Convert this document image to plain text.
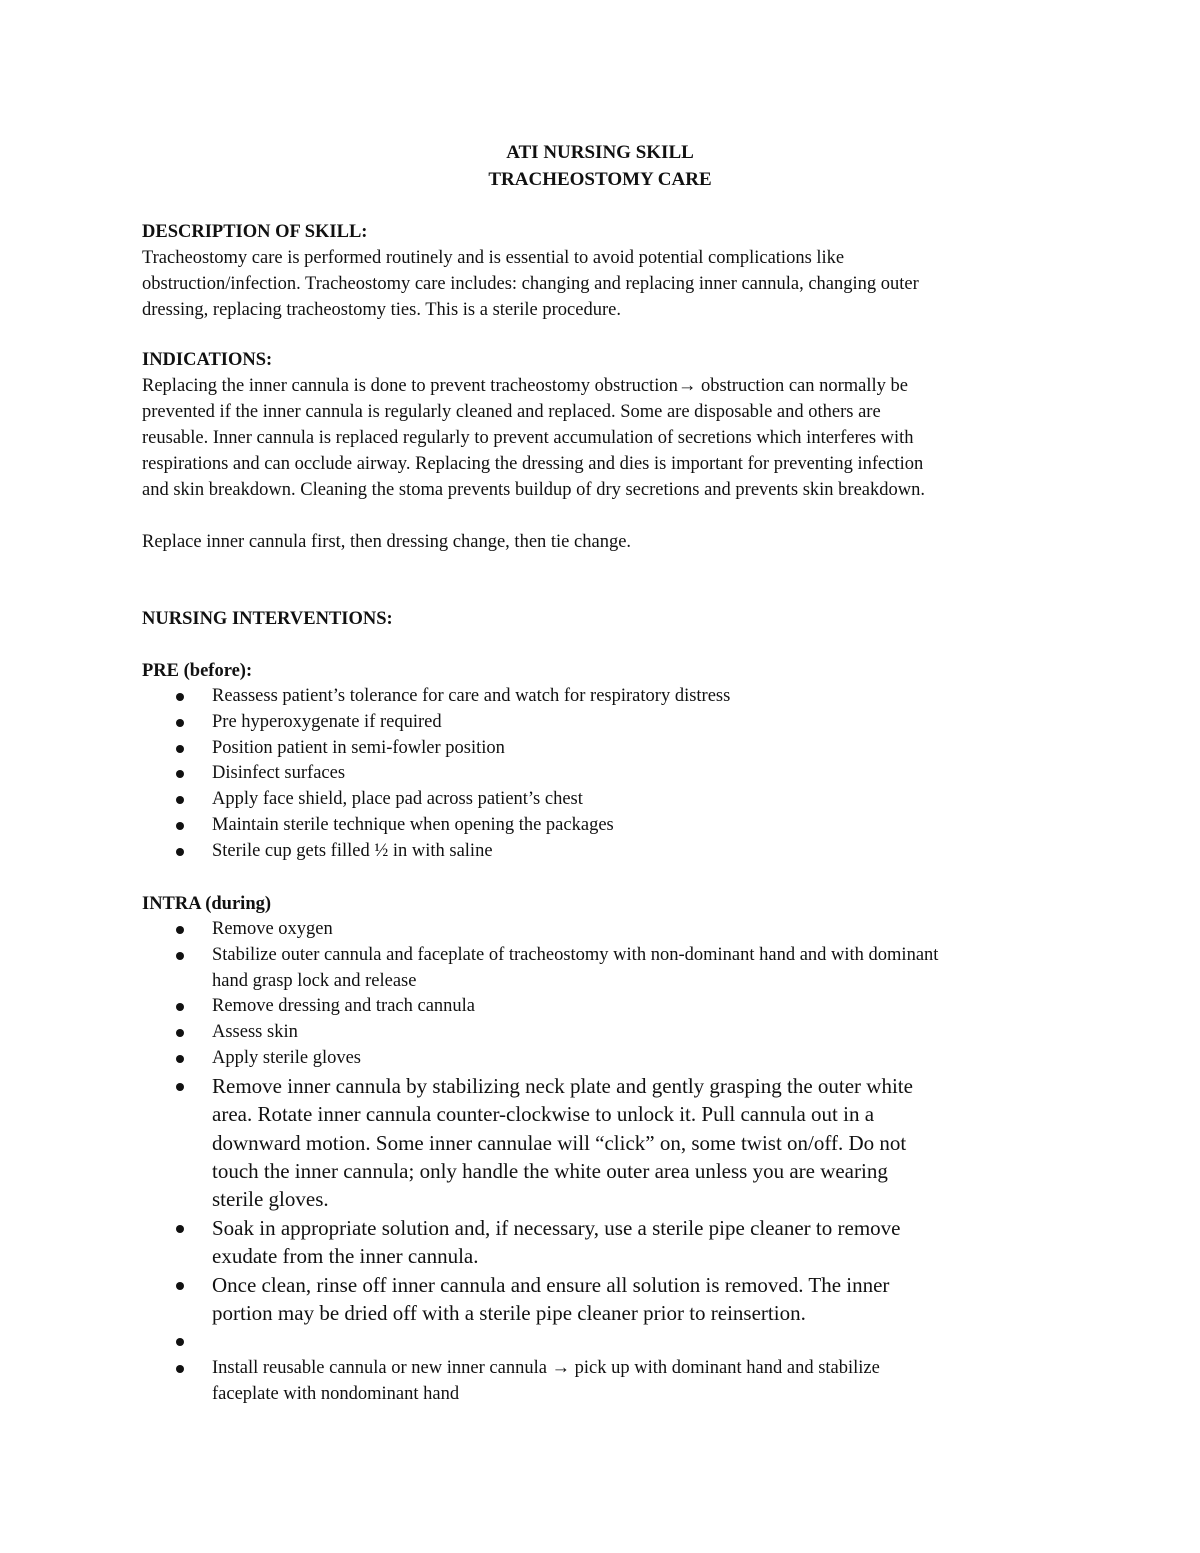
ATI NURSING SKILL
TRACHEOSTOMY CARE
DESCRIPTION OF SKILL:
Tracheostomy care is performed routinely and is essential to avoid potential complications like
obstruction/infection. Tracheostomy care includes: changing and replacing inner cannula, changing outer
dressing, replacing tracheostomy ties. This is a sterile procedure.
INDICATIONS:
Replacing the inner cannula is done to prevent tracheostomy obstruction→ obstruction can normally be
prevented if the inner cannula is regularly cleaned and replaced. Some are disposable and others are
reusable. Inner cannula is replaced regularly to prevent accumulation of secretions which interferes with
respirations and can occlude airway. Replacing the dressing and dies is important for preventing infection
and skin breakdown. Cleaning the stoma prevents buildup of dry secretions and prevents skin breakdown.
Replace inner cannula first, then dressing change, then tie change.
NURSING INTERVENTIONS:
PRE (before):
Reassess patient’s tolerance for care and watch for respiratory distress
Pre hyperoxygenate if required
Position patient in semi-fowler position
Disinfect surfaces
Apply face shield, place pad across patient’s chest
Maintain sterile technique when opening the packages
Sterile cup gets filled ½ in with saline
INTRA (during)
Remove oxygen
Stabilize outer cannula and faceplate of tracheostomy with non-dominant hand and with dominant
hand grasp lock and release
Remove dressing and trach cannula
Assess skin
Apply sterile gloves
Remove inner cannula by stabilizing neck plate and gently grasping the outer white
area. Rotate inner cannula counter-clockwise to unlock it. Pull cannula out in a
downward motion. Some inner cannulae will “click” on, some twist on/off. Do not
touch the inner cannula; only handle the white outer area unless you are wearing
sterile gloves.
Soak in appropriate solution and, if necessary, use a sterile pipe cleaner to remove
exudate from the inner cannula.
Once clean, rinse off inner cannula and ensure all solution is removed. The inner
portion may be dried off with a sterile pipe cleaner prior to reinsertion.

Install reusable cannula or new inner cannula → pick up with dominant hand and stabilize
faceplate with nondominant hand
